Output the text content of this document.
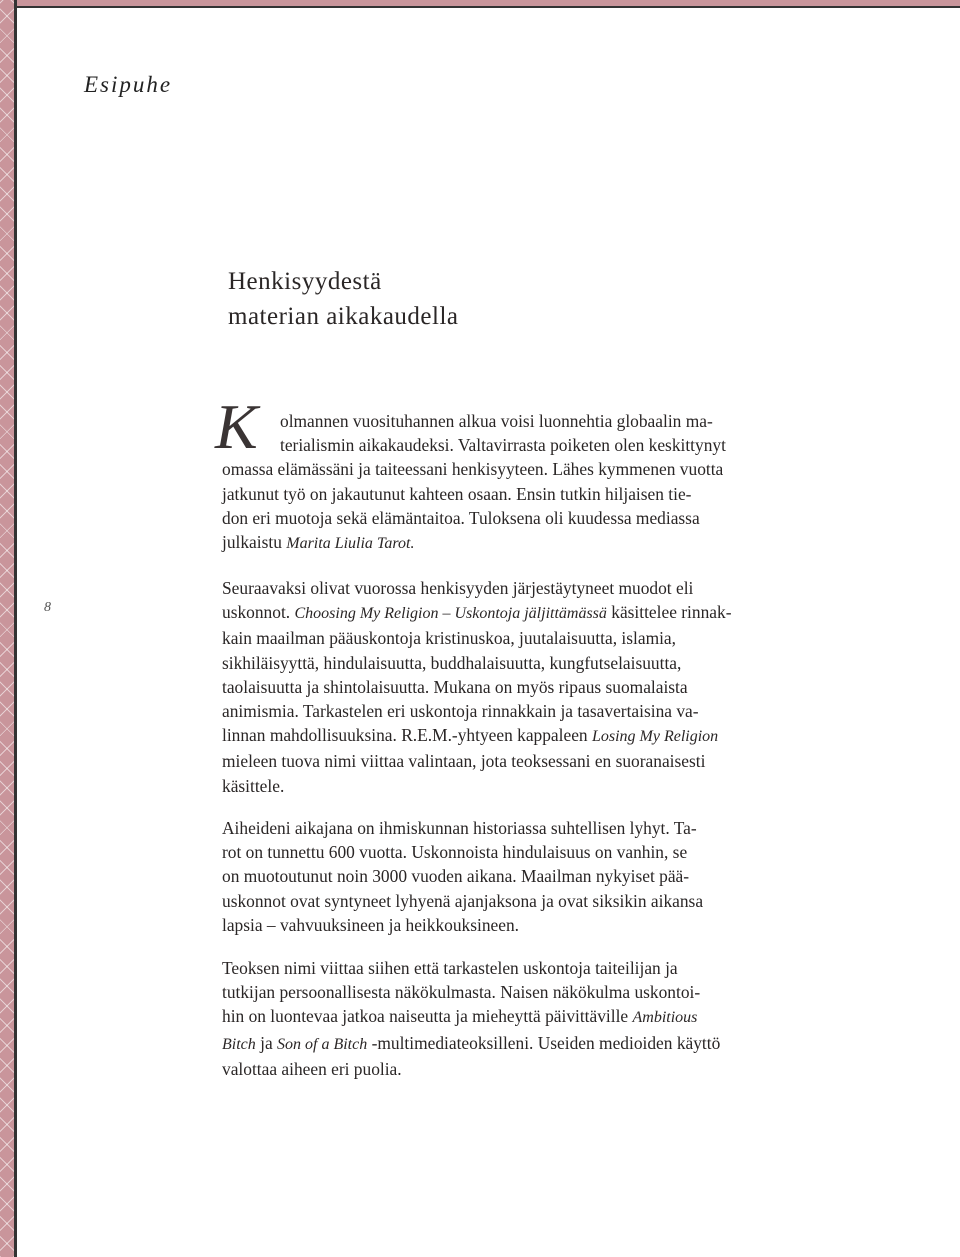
Esipuhe
Henkisyydestä
materian aikakaudella
8
K	olmannen vuosituhannen alkua voisi luonnehtia globaalin ma-
terialismin aikakaudeksi. Valtavirrasta poiketen olen keskittynyt
omassa elämässäni ja taiteessani henkisyyteen. Lähes kymmenen vuotta
jatkunut työ on jakautunut kahteen osaan. Ensin tutkin hiljaisen tie-
don eri muotoja sekä elämäntaitoa. Tuloksena oli kuudessa mediassa
julkaistu Marita Liulia Tarot.
Seuraavaksi olivat vuorossa henkisyyden järjestäytyneet muodot eli
uskonnot. Choosing My Religion – Uskontoja jäljittämässä käsittelee rinnak-
kain maailman pääuskontoja kristinuskoa, juutalaisuutta, islamia,
sikhiläisyyttä, hindulaisuutta, buddhalaisuutta, kungfutselaisuutta,
taolaisuutta ja shintolaisuutta. Mukana on myös ripaus suomalaista
animismia. Tarkastelen eri uskontoja rinnakkain ja tasavertaisina va-
linnan mahdollisuuksina. R.E.M.-yhtyeen kappaleen Losing My Religion
mieleen tuova nimi viittaa valintaan, jota teoksessani en suoranaisesti
käsittele.
Aiheideni aikajana on ihmiskunnan historiassa suhtellisen lyhyt. Ta-
rot on tunnettu 600 vuotta. Uskonnoista hindulaisuus on vanhin, se
on muotoutunut noin 3000 vuoden aikana. Maailman nykyiset pää-
uskonnot ovat syntyneet lyhyenä ajanjaksona ja ovat siksikin aikansa
lapsia – vahvuuksineen ja heikkouksineen.
Teoksen nimi viittaa siihen että tarkastelen uskontoja taiteilijan ja
tutkijan persoonallisesta näkökulmasta. Naisen näkökulma uskontoi-
hin on luontevaa jatkoa naiseutta ja mieheyttä päivittäville Ambitious
Bitch ja Son of a Bitch -multimediateoksilleni. Useiden medioiden käyttö
valottaa aiheen eri puolia.
